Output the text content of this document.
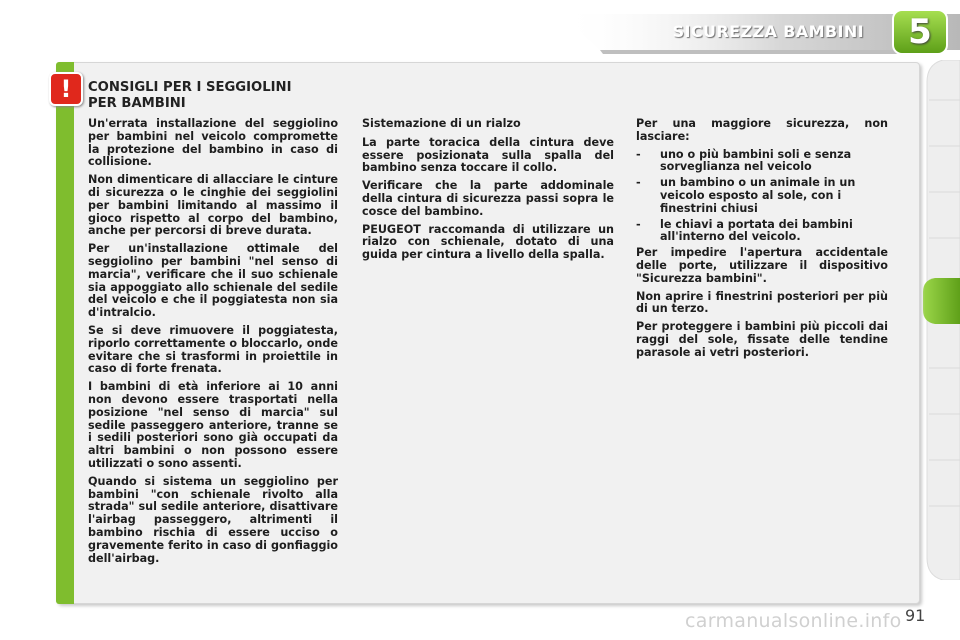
SICUREZZA BAMBINI	5
!	CONSIGLI PER I SEGGIOLINI
PER BAMBINI

Un'errata installazione del seggiolino per bambini nel veicolo compromette la protezione del bambino in caso di collisione.

Non dimenticare di allacciare le cinture di sicurezza o le cinghie dei seggiolini per bambini limitando al massimo il gioco rispetto al corpo del bambino, anche per percorsi di breve durata.

Per un'installazione ottimale del seggiolino per bambini "nel senso di marcia", verificare che il suo schienale sia appoggiato allo schienale del sedile del veicolo e che il poggiatesta non sia d'intralcio.

Se si deve rimuovere il poggiatesta, riporlo correttamente o bloccarlo, onde evitare che si trasformi in proiettile in caso di forte frenata.

I bambini di età inferiore ai 10 anni non devono essere trasportati nella posizione "nel senso di marcia" sul sedile passeggero anteriore, tranne se i sedili posteriori sono già occupati da altri bambini o non possono essere utilizzati o sono assenti.

Quando si sistema un seggiolino per bambini "con schienale rivolto alla strada" sul sedile anteriore, disattivare l'airbag passeggero, altrimenti il bambino rischia di essere ucciso o gravemente ferito in caso di gonfiaggio dell'airbag.

Sistemazione di un rialzo

La parte toracica della cintura deve essere posizionata sulla spalla del bambino senza toccare il collo.

Verificare che la parte addominale della cintura di sicurezza passi sopra le cosce del bambino.

PEUGEOT raccomanda di utilizzare un rialzo con schienale, dotato di una guida per cintura a livello della spalla.

Per una maggiore sicurezza, non lasciare:

-	uno o più bambini soli e senza sorveglianza nel veicolo
-	un bambino o un animale in un veicolo esposto al sole, con i finestrini chiusi
-	le chiavi a portata dei bambini all'interno del veicolo.

Per impedire l'apertura accidentale delle porte, utilizzare il dispositivo "Sicurezza bambini".

Non aprire i finestrini posteriori per più di un terzo.

Per proteggere i bambini più piccoli dai raggi del sole, fissate delle tendine parasole ai vetri posteriori.

carmanualsonline.info 91
